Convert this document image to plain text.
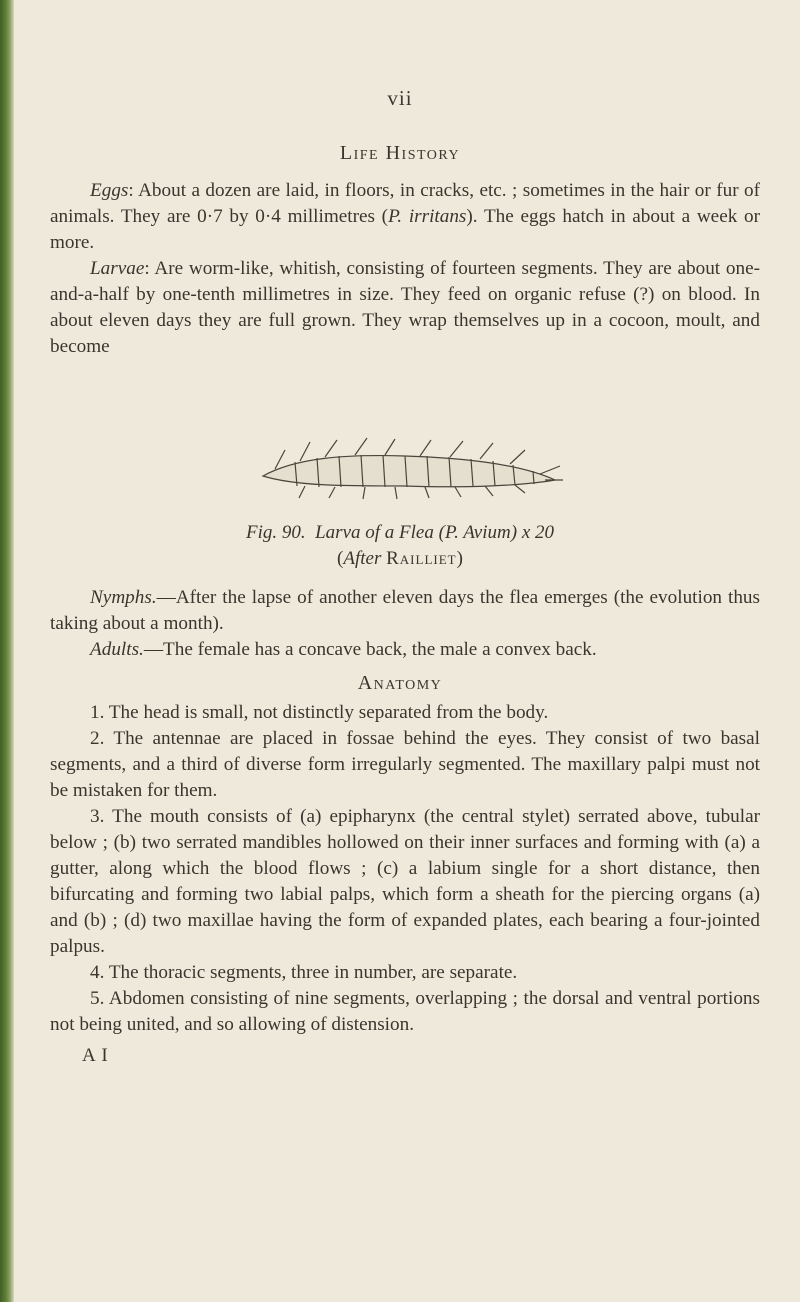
vii
Life History

Eggs: About a dozen are laid, in floors, in cracks, etc. ; sometimes in the hair or fur of animals. They are 0·7 by 0·4 millimetres (P. irritans). The eggs hatch in about a week or more.

Larvae: Are worm-like, whitish, consisting of fourteen segments. They are about one-and-a-half by one-tenth millimetres in size. They feed on organic refuse (?) on blood. In about eleven days they are full grown. They wrap themselves up in a cocoon, moult, and become

Fig. 90. Larva of a Flea (P. Avium) x 20
(After Railliet)

Nymphs.—After the lapse of another eleven days the flea emerges (the evolution thus taking about a month).

Adults.—The female has a concave back, the male a convex back.

Anatomy

1. The head is small, not distinctly separated from the body.

2. The antennae are placed in fossae behind the eyes. They consist of two basal segments, and a third of diverse form irregularly segmented. The maxillary palpi must not be mistaken for them.

3. The mouth consists of (a) epipharynx (the central stylet) serrated above, tubular below ; (b) two serrated mandibles hollowed on their inner surfaces and forming with (a) a gutter, along which the blood flows ; (c) a labium single for a short distance, then bifurcating and forming two labial palps, which form a sheath for the piercing organs (a) and (b) ; (d) two maxillae having the form of expanded plates, each bearing a four-jointed palpus.

4. The thoracic segments, three in number, are separate.

5. Abdomen consisting of nine segments, overlapping ; the dorsal and ventral portions not being united, and so allowing of distension.

A I
